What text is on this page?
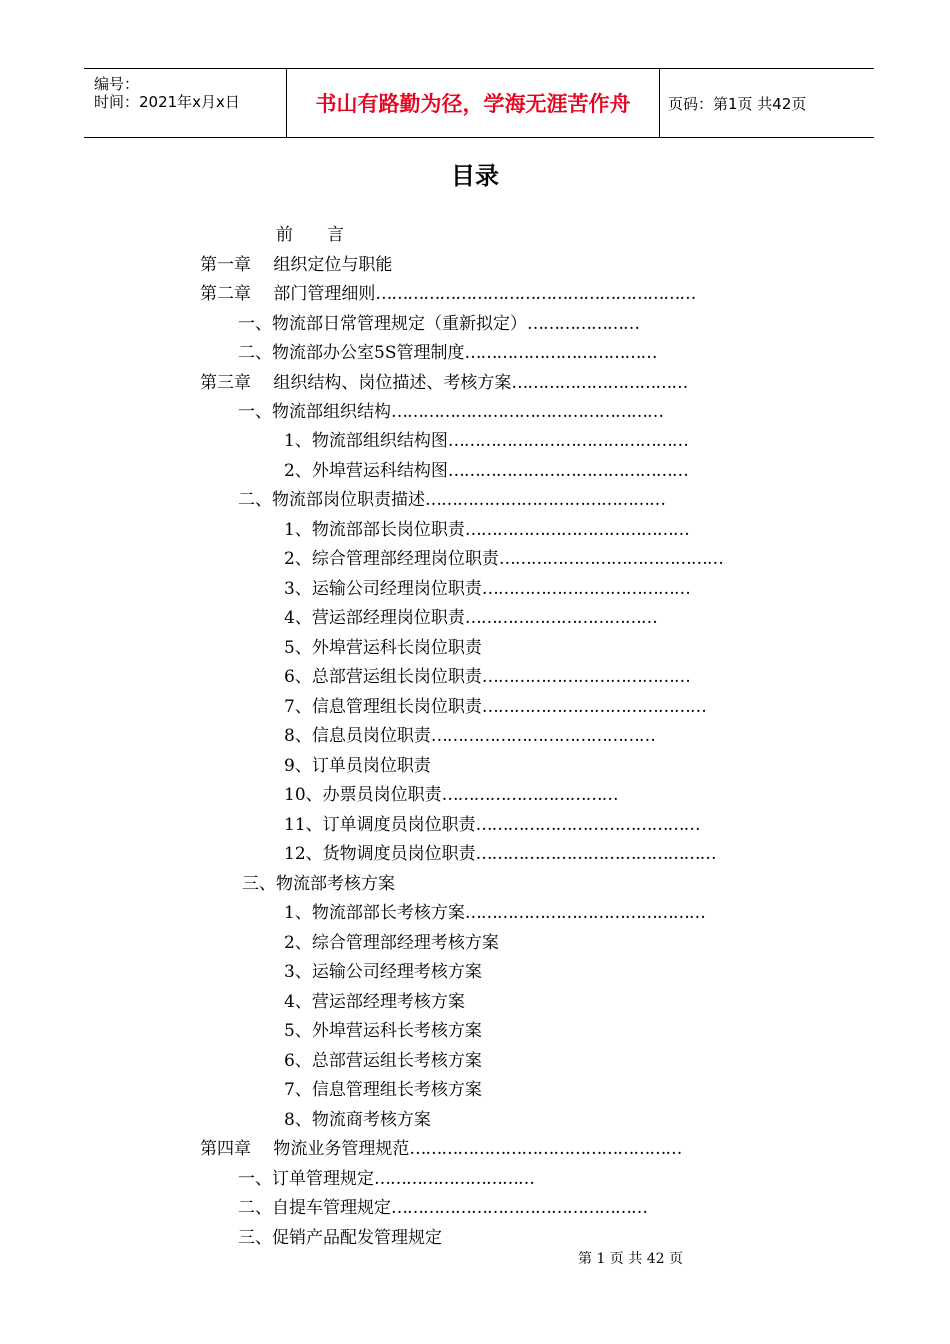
编号：
时间：2021年x月x日	书山有路勤为径，学海无涯苦作舟	页码：第1页 共42页
目录
前　　言
第一章　 组织定位与职能
第二章　 部门管理细则……………………………………………………
一、物流部日常管理规定（重新拟定）…………………
二、物流部办公室5S管理制度………………………………
第三章　 组织结构、岗位描述、考核方案……………………………
一、物流部组织结构……………………………………………
1、物流部组织结构图………………………………………
2、外埠营运科结构图………………………………………
二、物流部岗位职责描述………………………………………
1、物流部部长岗位职责……………………………………
2、综合管理部经理岗位职责……………………………………
3、运输公司经理岗位职责…………………………………
4、营运部经理岗位职责………………………………
5、外埠营运科长岗位职责
6、总部营运组长岗位职责…………………………………
7、信息管理组长岗位职责……………………………………
8、信息员岗位职责……………………………………
9、订单员岗位职责
10、办票员岗位职责……………………………
11、订单调度员岗位职责……………………………………
12、货物调度员岗位职责………………………………………
三、物流部考核方案
1、物流部部长考核方案………………………………………
2、综合管理部经理考核方案
3、运输公司经理考核方案
4、营运部经理考核方案
5、外埠营运科长考核方案
6、总部营运组长考核方案
7、信息管理组长考核方案
8、物流商考核方案
第四章　 物流业务管理规范……………………………………………
一、订单管理规定…………………………
二、自提车管理规定…………………………………………
三、促销产品配发管理规定
第 1 页 共 42 页
